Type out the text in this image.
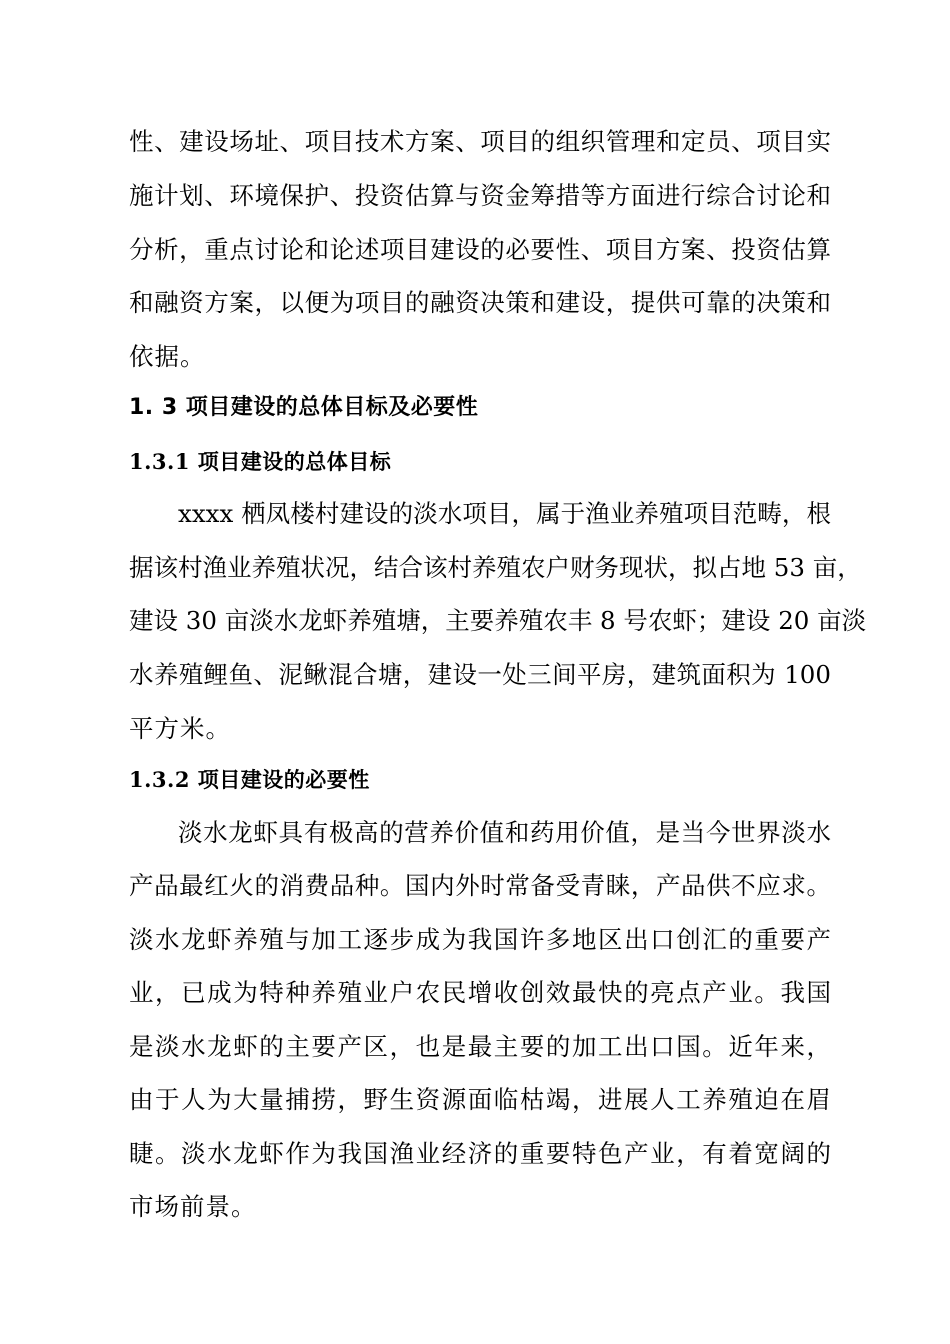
性、建设场址、项目技术方案、项目的组织管理和定员、项目实
施计划、环境保护、投资估算与资金筹措等方面进行综合讨论和
分析，重点讨论和论述项目建设的必要性、项目方案、投资估算
和融资方案，以便为项目的融资决策和建设，提供可靠的决策和
依据。
1. 3 项目建设的总体目标及必要性
1.3.1 项目建设的总体目标
xxxx 栖凤楼村建设的淡水项目，属于渔业养殖项目范畴，根
据该村渔业养殖状况，结合该村养殖农户财务现状，拟占地 53 亩，
建设 30 亩淡水龙虾养殖塘，主要养殖农丰 8 号农虾；建设 20 亩淡
水养殖鲤鱼、泥鳅混合塘，建设一处三间平房，建筑面积为 100
平方米。
1.3.2 项目建设的必要性
淡水龙虾具有极高的营养价值和药用价值，是当今世界淡水
产品最红火的消费品种。国内外时常备受青睐，产品供不应求。
淡水龙虾养殖与加工逐步成为我国许多地区出口创汇的重要产
业，已成为特种养殖业户农民增收创效最快的亮点产业。我国
是淡水龙虾的主要产区，也是最主要的加工出口国。近年来，
由于人为大量捕捞，野生资源面临枯竭，进展人工养殖迫在眉
睫。淡水龙虾作为我国渔业经济的重要特色产业，有着宽阔的
市场前景。
